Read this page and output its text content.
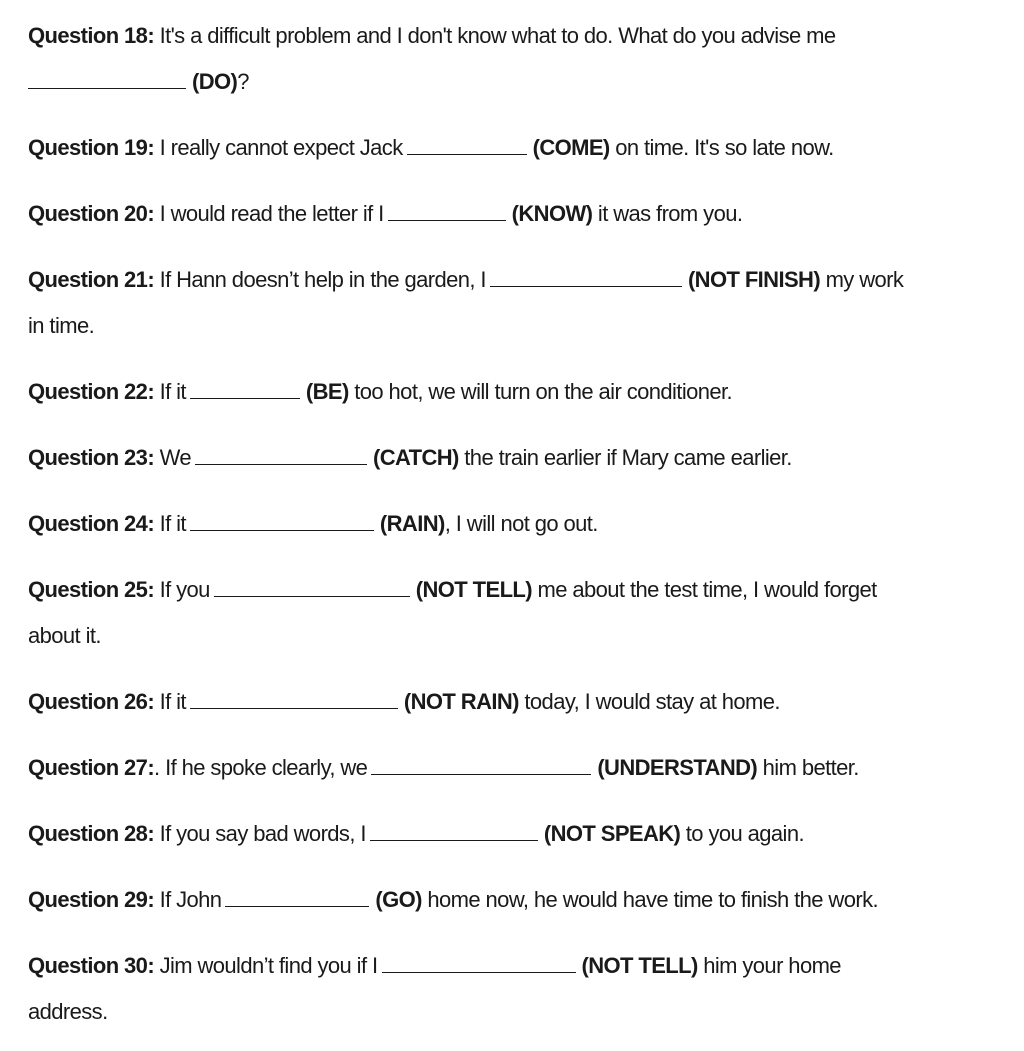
Question 18: It's a difficult problem and I don't know what to do. What do you advise me
(DO)?
Question 19: I really cannot expect Jack	(COME) on time. It's so late now.
Question 20: I would read the letter if I	(KNOW) it was from you.
Question 21: If Hann doesn’t help in the garden, I	(NOT FINISH) my work
in time.
Question 22: If it	(BE) too hot, we will turn on the air conditioner.
Question 23: We	(CATCH) the train earlier if Mary came earlier.
Question 24: If it	(RAIN), I will not go out.
Question 25: If you	(NOT TELL) me about the test time, I would forget
about it.
Question 26: If it	(NOT RAIN) today, I would stay at home.
Question 27:. If he spoke clearly, we	(UNDERSTAND) him better.
Question 28: If you say bad words, I	(NOT SPEAK) to you again.
Question 29: If John	(GO) home now, he would have time to finish the work.
Question 30: Jim wouldn’t find you if I	(NOT TELL) him your home
address.
